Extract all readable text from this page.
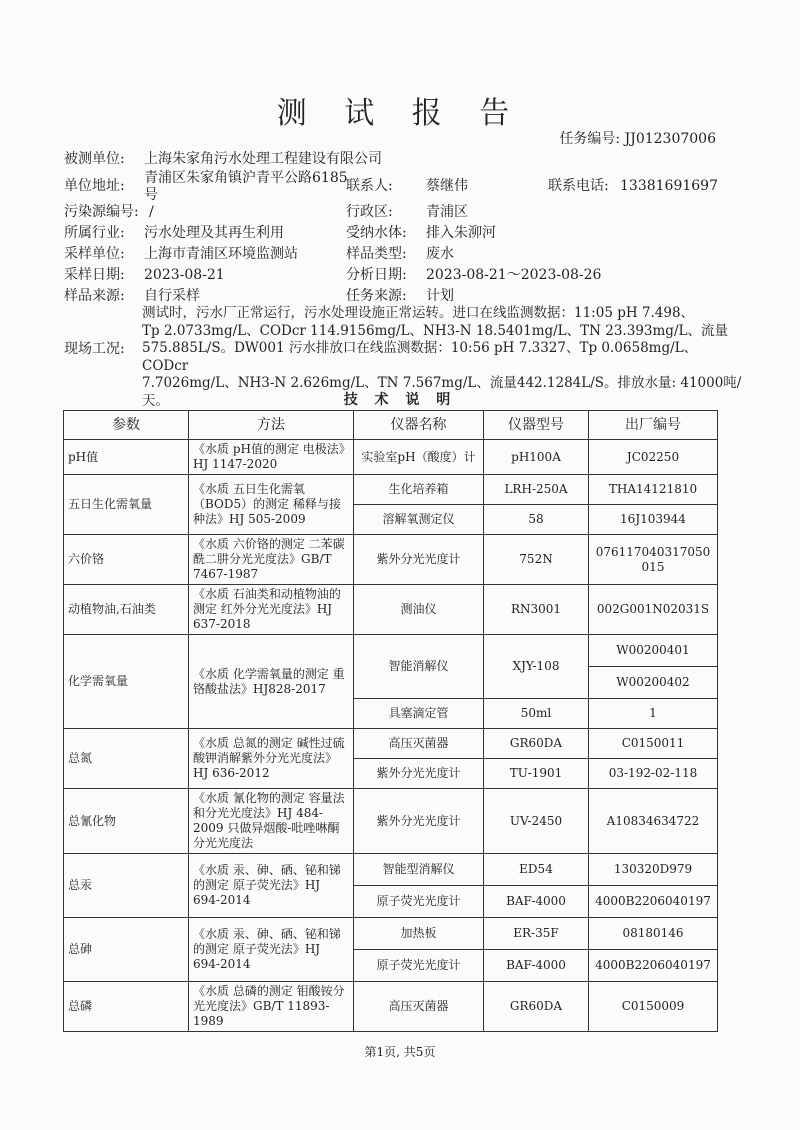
测 试 报 告
任务编号: JJ012307006
被测单位: 上海朱家角污水处理工程建设有限公司
单位地址: 青浦区朱家角镇沪青平公路6185
号
联系人: 蔡继伟	联系电话: 13381691697
污染源编号: /	行政区: 青浦区
所属行业: 污水处理及其再生利用	受纳水体: 排入朱泖河
采样单位: 上海市青浦区环境监测站	样品类型: 废水
采样日期: 2023-08-21	分析日期: 2023-08-21～2023-08-26
样品来源: 自行采样	任务来源: 计划
现场工况:
测试时，污水厂正常运行，污水处理设施正常运转。进口在线监测数据：11:05 pH 7.498、
Tp 2.0733mg/L、CODcr 114.9156mg/L、NH3-N 18.5401mg/L、TN 23.393mg/L、流量
575.885L/S。DW001 污水排放口在线监测数据：10:56 pH 7.3327、Tp 0.0658mg/L、CODcr
7.7026mg/L、NH3-N 2.626mg/L、TN 7.567mg/L、流量442.1284L/S。排放水量: 41000吨/
天。	技 术 说 明
参数	方法	仪器名称	仪器型号	出厂编号
pH值	《水质 pH值的测定 电极法》HJ 1147-2020	实验室pH（酸度）计	pH100A	JC02250
五日生化需氧量	《水质 五日生化需氧（BOD5）的测定 稀释与接种法》HJ 505-2009	生化培养箱	LRH-250A	THA14121810
		溶解氧测定仪	58	16J103944
六价铬	《水质 六价铬的测定 二苯碳酰二肼分光光度法》GB/T 7467-1987	紫外分光光度计	752N	076117040317050015
动植物油,石油类	《水质 石油类和动植物油的测定 红外分光光度法》HJ 637-2018	测油仪	RN3001	002G001N02031S
化学需氧量	《水质 化学需氧量的测定 重铬酸盐法》HJ828-2017	智能消解仪	XJY-108	W00200401
				W00200402
		具塞滴定管	50ml	1
总氮	《水质 总氮的测定 碱性过硫酸钾消解紫外分光光度法》HJ 636-2012	高压灭菌器	GR60DA	C0150011
		紫外分光光度计	TU-1901	03-192-02-118
总氰化物	《水质 氰化物的测定 容量法和分光光度法》HJ 484-2009 只做异烟酸-吡唑啉酮分光光度法	紫外分光光度计	UV-2450	A10834634722
总汞	《水质 汞、砷、硒、铋和锑的测定 原子荧光法》HJ 694-2014	智能型消解仪	ED54	130320D979
		原子荧光光度计	BAF-4000	4000B2206040197
总砷	《水质 汞、砷、硒、铋和锑的测定 原子荧光法》HJ 694-2014	加热板	ER-35F	08180146
		原子荧光光度计	BAF-4000	4000B2206040197
总磷	《水质 总磷的测定 钼酸铵分光光度法》GB/T 11893-1989	高压灭菌器	GR60DA	C0150009
第1页, 共5页
